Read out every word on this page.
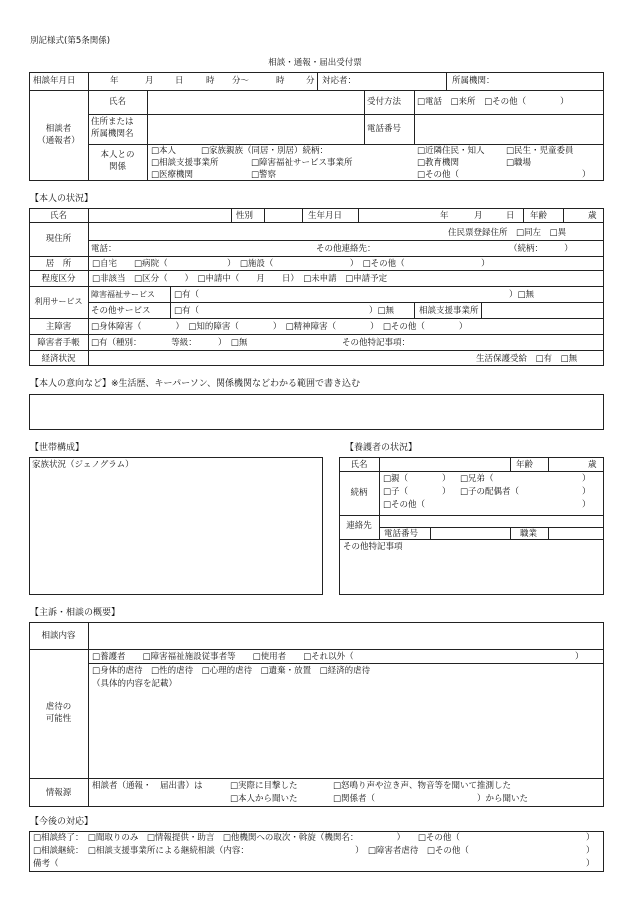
別記様式(第5条関係)
相談・通報・届出受付票
相談年月日	年	月	日	時 分〜	時	分 対応者：	所属機関：
相談者
（通報者）
氏名	受付方法 □電話　□来所　□その他（　　　　）
住所または
所属機関名	電話番号
本人との
関係
□本人	□家族親族（同居・別居）続柄：	□近隣住民・知人	□民生・児童委員
□相談支援事業所	□障害福祉サービス事業所	□教育機関	□職場
□医療機関	□警察	□その他（	）
【本人の状況】
氏名	性別	生年月日	年	月	日 年齢	歳
現住所
住民票登録住所　□同左　□異
電話：	その他連絡先：	（続柄：　　　）
居　所	□自宅　　□病院（　　　　　　　）　□施設（　　　　　　　　　）　□その他（　　　　　　　　　）
程度区分	□非該当　□区分（　　）　□申請中（　　月　　日）　□未申請　□申請予定
利用サービス
障害福祉サービス □有（	）□無
その他サービス	□有（	）□無	相談支援事業所
主障害	□身体障害（　　　　）　□知的障害（　　　　）　□精神障害（　　　　）　□その他（　　　　）
障害者手帳	□有（種別：　　　　等級：　　　）　□無	その他特記事項：
経済状況	生活保護受給　□有　□無
【本人の意向など】※生活歴、キーパーソン、関係機関などわかる範囲で書き込む
【世帯構成】
家族状況（ジェノグラム）
【養護者の状況】
氏名	年齢	歳
続柄
□親（　　　　） □兄弟（	）
□子（　　　　） □子の配偶者（	）
□その他（	）
連絡先
電話番号	職業
その他特記事項
【主訴・相談の概要】
相談内容
□養護者　　□障害福祉施設従事者等　　□使用者　　□それ以外（	）
□身体的虐待　□性的虐待　□心理的虐待　□遺棄・放置　□経済的虐待
（具体的内容を記載）
虐待の
可能性
情報源
相談者（通報・　届出書）は	□実際に目撃した	□怒鳴り声や泣き声、物音等を聞いて推測した
□本人から聞いた	□関係者（　　　　　　　　　　　　）から聞いた
【今後の対応】
□相談終了：　□聞取りのみ　□情報提供・助言　□他機関への取次・斡旋（機関名：　　　　　）　　□その他（	）
□相談継続：　□相談支援事業所による継続相談（内容：　　　　　　　　　　　　　）　□障害者虐待　□その他（	）
備考（	）
